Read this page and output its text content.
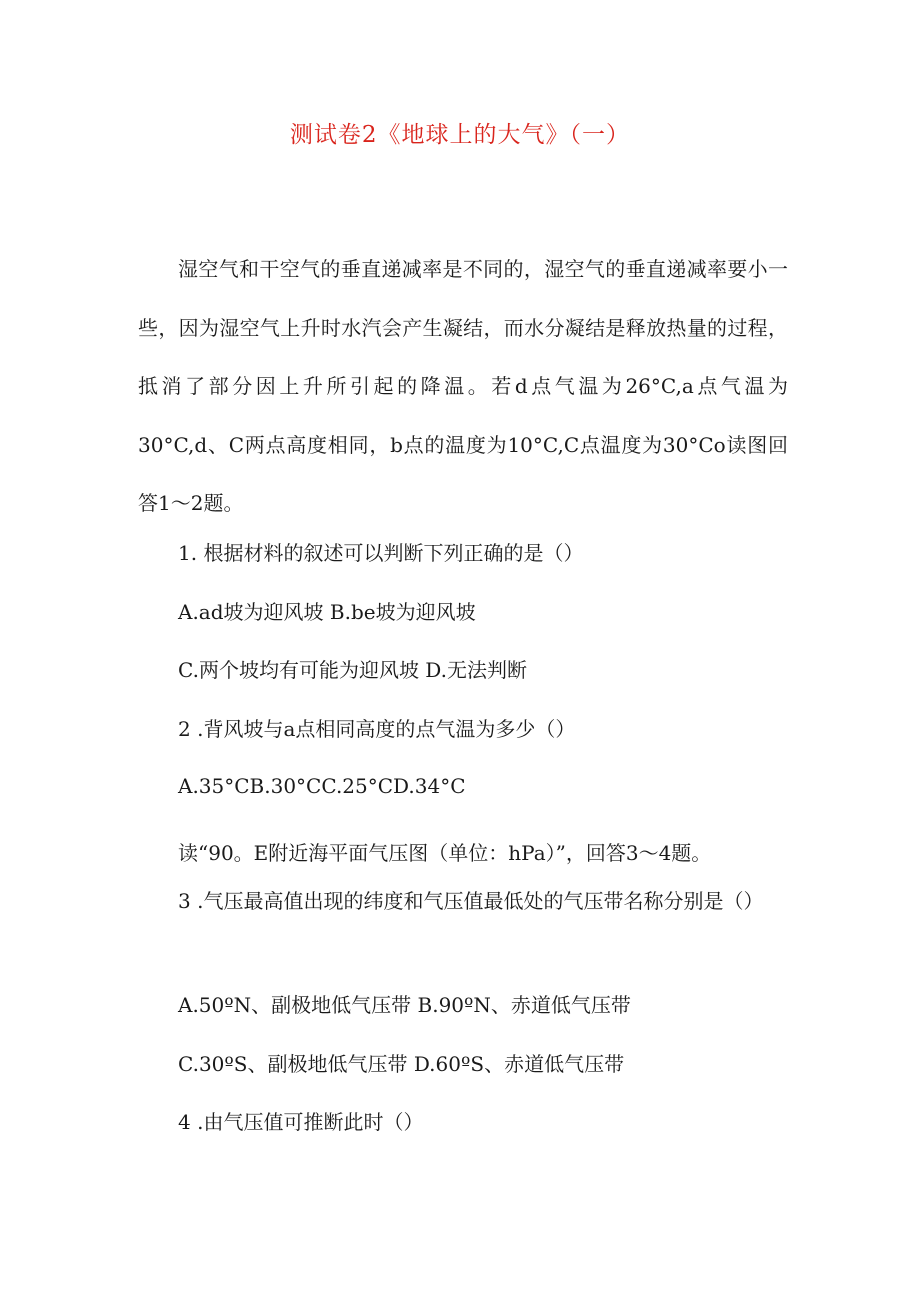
测试卷2《地球上的大气》（一）

湿空气和干空气的垂直递减率是不同的，湿空气的垂直递减率要小一些，因为湿空气上升时水汽会产生凝结，而水分凝结是释放热量的过程，抵消了部分因上升所引起的降温。若d点气温为26°C,a点气温为30°C,d、C两点高度相同，b点的温度为10°C,C点温度为30°Co读图回答1～2题。

1. 根据材料的叙述可以判断下列正确的是（）

A.ad坡为迎风坡 B.be坡为迎风坡

C.两个坡均有可能为迎风坡 D.无法判断

2 .背风坡与a点相同高度的点气温为多少（）

A.35°CB.30°CC.25°CD.34°C

读“90。E附近海平面气压图（单位：hPa）”，回答3～4题。

3 .气压最高值出现的纬度和气压值最低处的气压带名称分别是（）

A.50ºN、副极地低气压带 B.90ºN、赤道低气压带

C.30ºS、副极地低气压带 D.60ºS、赤道低气压带

4 .由气压值可推断此时（）
